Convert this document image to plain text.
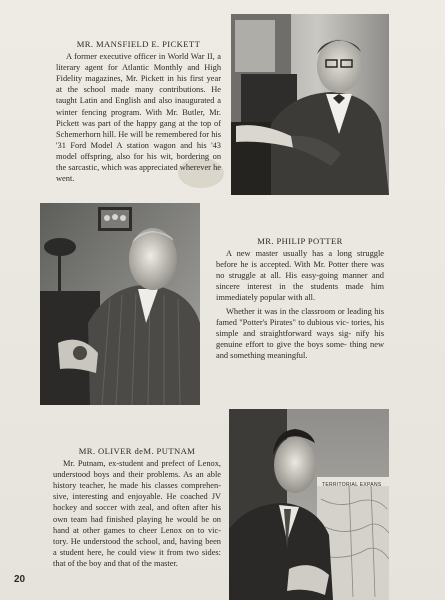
MR. MANSFIELD E. PICKETT
A former executive officer in World War II, a literary agent for Atlantic Monthly and High Fidelity magazines, Mr. Pickett in his first year at the school made many contributions. He taught Latin and English and also inaugurated a winter fencing program. With Mr. Butler, Mr. Pickett was part of the happy gang at the top of Schemerhorn hill. He will be remembered for his '31 Ford Model A station wagon and his '43 model offspring, also for his wit, bordering on the sarcastic, which was appreciated wherever he went.
MR. PHILIP POTTER
A new master usually has a long struggle before he is accepted. With Mr. Potter there was no struggle at all. His easy-going manner and sincere interest in the students made him immediately popular with all.
Whether it was in the classroom or leading his famed "Potter's Pirates" to dubious vic- tories, his simple and straightforward ways sig- nify his genuine effort to give the boys some- thing new and something meaningful.
MR. OLIVER deM. PUTNAM
Mr. Putnam, ex-student and prefect of Lenox, understood boys and their problems. As an able history teacher, he made his classes comprehen- sive, interesting and enjoyable. He coached JV hockey and soccer with zeal, and often after his own team had finished playing he would be on hand at other games to cheer Lenox on to vic- tory. He understood the school, and, having been a student here, he could view it from two sides: that of the boy and that of the master.
TERRITORIAL EXPANS
20
